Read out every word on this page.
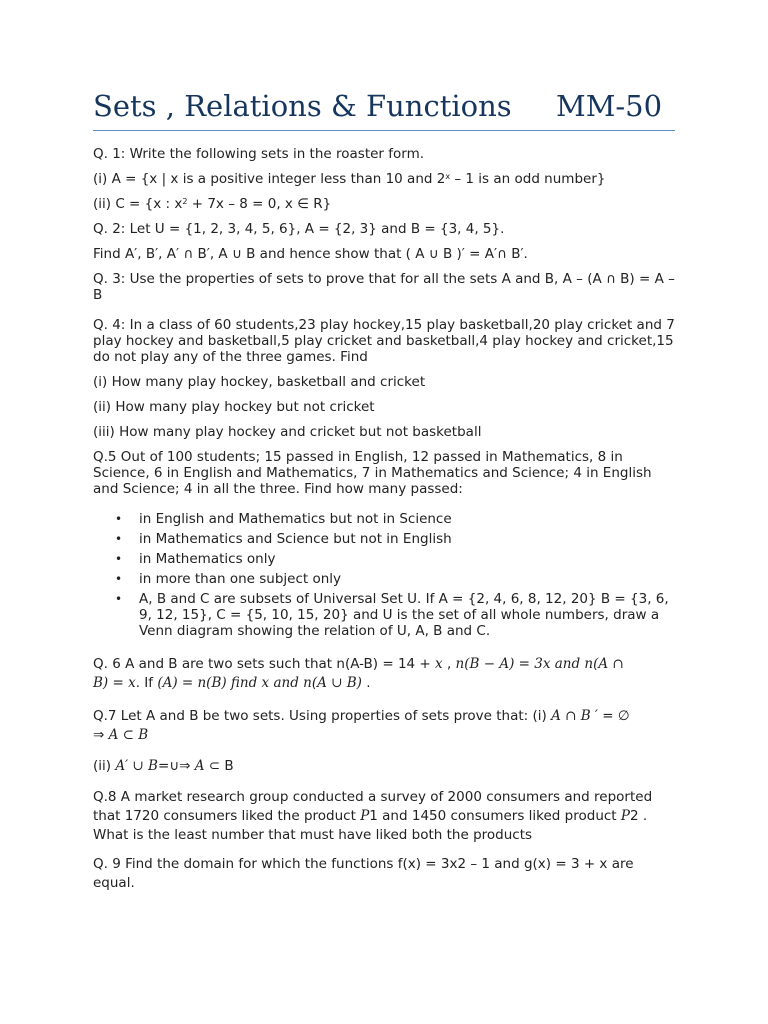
Sets , Relations & Functions MM-50
Q. 1: Write the following sets in the roaster form.
(i) A = {x | x is a positive integer less than 10 and 2$^x$ – 1 is an odd number}
(ii) C = {x : $x^2 + 7x - 8 = 0$, x ∈ R}
Q. 2: Let U = {1, 2, 3, 4, 5, 6}, A = {2, 3} and B = {3, 4, 5}.
Find A′, B′, A′ ∩ B′, A ∪ B and hence show that ( A ∪ B )′ = A′∩ B′.
Q. 3: Use the properties of sets to prove that for all the sets A and B, A – (A ∩ B) = A – B
Q. 4: In a class of 60 students,23 play hockey,15 play basketball,20 play cricket and 7 play hockey and basketball,5 play cricket and basketball,4 play hockey and cricket,15 do not play any of the three games. Find
(i) How many play hockey, basketball and cricket
(ii) How many play hockey but not cricket
(iii) How many play hockey and cricket but not basketball
Q.5 Out of 100 students; 15 passed in English, 12 passed in Mathematics, 8 in Science, 6 in English and Mathematics, 7 in Mathematics and Science; 4 in English and Science; 4 in all the three. Find how many passed:
• in English and Mathematics but not in Science
• in Mathematics and Science but not in English
• in Mathematics only
• in more than one subject only
• A, B and C are subsets of Universal Set U. If A = {2, 4, 6, 8, 12, 20} B = {3, 6, 9, 12, 15}, C = {5, 10, 15, 20} and U is the set of all whole numbers, draw a Venn diagram showing the relation of U, A, B and C.
Q. 6 A and B are two sets such that n(A-B) = 14 + x , n(B − A) = 3x and n(A ∩
B) = x. If (A) = n(B) find x and n(A ∪ B) .
Q.7 Let A and B be two sets. Using properties of sets prove that: (i) A ∩ B ′ = ∅
⇒ A ⊂ B
(ii) A′ ∪ B=∪⇒ A ⊂ B
Q.8 A market research group conducted a survey of 2000 consumers and reported that 1720 consumers liked the product P1 and 1450 consumers liked product P2 . What is the least number that must have liked both the products
Q. 9 Find the domain for which the functions f(x) = 3x2 – 1 and g(x) = 3 + x are equal.
